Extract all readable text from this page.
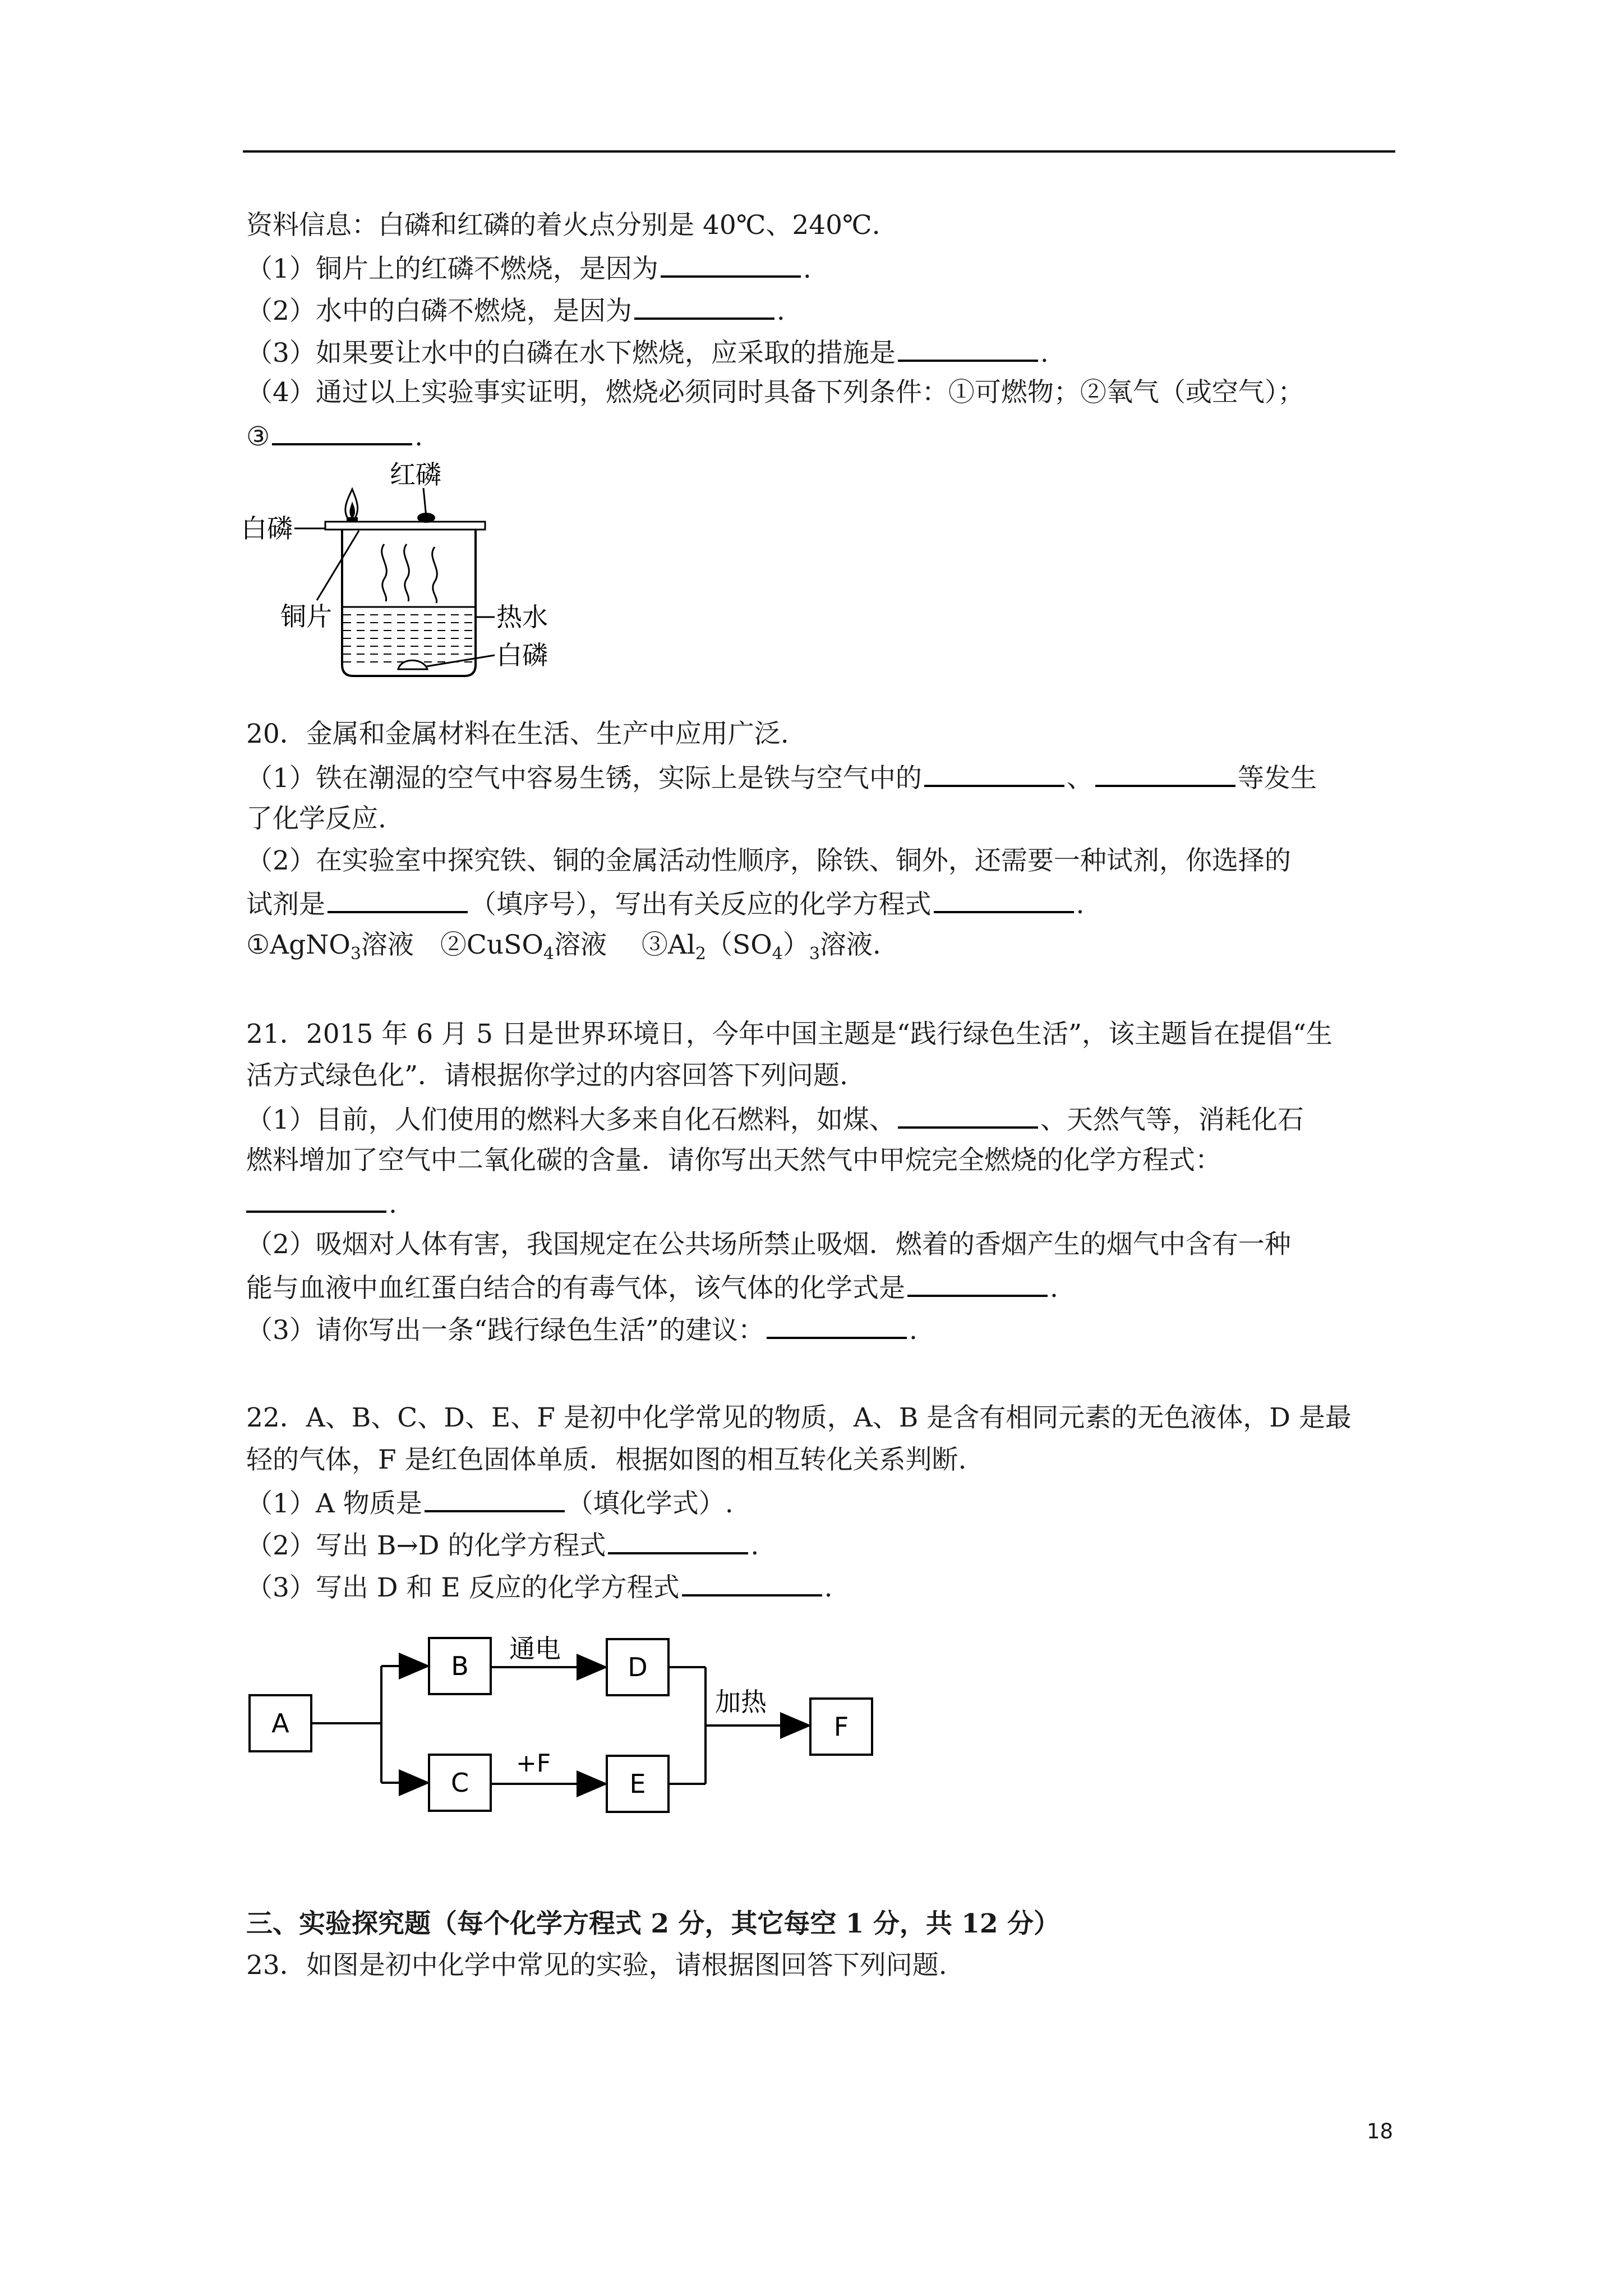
资料信息：白磷和红磷的着火点分别是 40℃、240℃.
（1）铜片上的红磷不燃烧，是因为	.
（2）水中的白磷不燃烧，是因为	.
（3）如果要让水中的白磷在水下燃烧，应采取的措施是	.
（4）通过以上实验事实证明，燃烧必须同时具备下列条件：①可燃物；②氧气（或空气）；
③	.
红磷
白磷
铜片	热水
白磷
20．金属和金属材料在生活、生产中应用广泛.
（1）铁在潮湿的空气中容易生锈，实际上是铁与空气中的	、	等发生
了化学反应.
（2）在实验室中探究铁、铜的金属活动性顺序，除铁、铜外，还需要一种试剂，你选择的
试剂是	（填序号），写出有关反应的化学方程式	.
①AgNO$_3$溶液　②CuSO$_4$溶液　 $③Al_2(SO_4)_3$溶液.
21．2015 年 6 月 5 日是世界环境日，今年中国主题是“践行绿色生活”，该主题旨在提倡“生
活方式绿色化”．请根据你学过的内容回答下列问题.
（1）目前，人们使用的燃料大多来自化石燃料，如煤、	、天然气等，消耗化石
燃料增加了空气中二氧化碳的含量．请你写出天然气中甲烷完全燃烧的化学方程式：
.
（2）吸烟对人体有害，我国规定在公共场所禁止吸烟．燃着的香烟产生的烟气中含有一种
能与血液中血红蛋白结合的有毒气体，该气体的化学式是	.
（3）请你写出一条“践行绿色生活”的建议：	.
22．A、B、C、D、E、F 是初中化学常见的物质，A、B 是含有相同元素的无色液体，D 是最
轻的气体，F 是红色固体单质．根据如图的相互转化关系判断.
（1）A 物质是	（填化学式）.
（2）写出 B→D 的化学方程式	.
（3）写出 D 和 E 反应的化学方程式	.
A
B
C
D
E
F
通电
+F
加热
三、实验探究题（每个化学方程式 2 分，其它每空 1 分，共 12 分）
23．如图是初中化学中常见的实验，请根据图回答下列问题.
18
